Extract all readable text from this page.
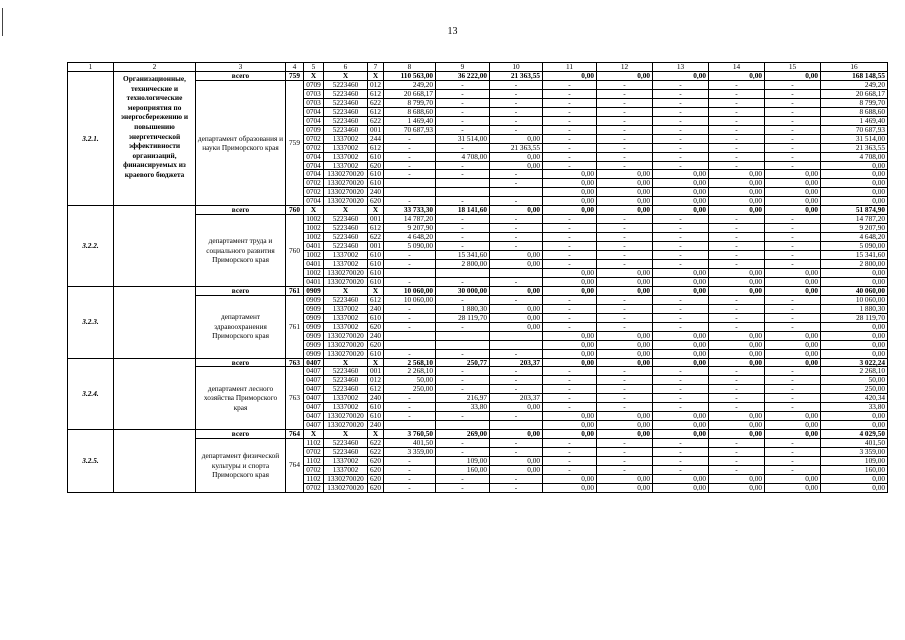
13
1	2	3	4	5	6	7	8	9	10	11	12	13	14	15	16
3.2.1.	Организационные, технические и технологические мероприятия по энергосбережению и повышению энергетической эффективности организаций, финансируемых из краевого бюджета	всего	759	X	X	X	110 563,00	36 222,00	21 363,55	0,00	0,00	0,00	0,00	0,00	168 148,55
		департамент образования и науки Приморского края	759	0709	5223460	012	249,20	-	-	-	-	-	-	-	249,20
				0703	5223460	612	20 668,17	-	-	-	-	-	-	-	20 668,17
				0703	5223460	622	8 799,70	-	-	-	-	-	-	-	8 799,70
				0704	5223460	612	8 688,60	-	-	-	-	-	-	-	8 688,60
				0704	5223460	622	1 469,40	-	-	-	-	-	-	-	1 469,40
				0709	5223460	001	70 687,93	-	-	-	-	-	-	-	70 687,93
				0702	1337002	244	-	31 514,00	0,00	-	-	-	-	-	31 514,00
				0702	1337002	612	-	-	21 363,55	-	-	-	-	-	21 363,55
				0704	1337002	610	-	4 708,00	0,00	-	-	-	-	-	4 708,00
				0704	1337002	620	-	-	0,00	-	-	-	-	-	0,00
				0704	1330270020	610	-	-	-	0,00	0,00	0,00	0,00	0,00	0,00
				0702	1330270020	610			-	0,00	0,00	0,00	0,00	0,00	0,00
				0702	1330270020	240				0,00	0,00	0,00	0,00	0,00	0,00
				0704	1330270020	620	-	-	-	0,00	0,00	0,00	0,00	0,00	0,00
3.2.2.		всего	760	X	X	X	33 733,30	18 141,60	0,00	0,00	0,00	0,00	0,00	0,00	51 874,90
		департамент труда и социального развития Приморского края	760	1002	5223460	001	14 787,20	-	-	-	-	-	-	-	14 787,20
				1002	5223460	612	9 207,90	-	-	-	-	-	-	-	9 207,90
				1002	5223460	622	4 648,20	-	-	-	-	-	-	-	4 648,20
				0401	5223460	001	5 090,00	-	-	-	-	-	-	-	5 090,00
				1002	1337002	610	-	15 341,60	0,00	-	-	-	-	-	15 341,60
				0401	1337002	610	-	2 800,00	0,00	-	-	-	-	-	2 800,00
				1002	1330270020	610				0,00	0,00	0,00	0,00	0,00	0,00
				0401	1330270020	610	-	-	-	0,00	0,00	0,00	0,00	0,00	0,00
3.2.3.		всего	761	0909	X	X	10 060,00	30 000,00	0,00	0,00	0,00	0,00	0,00	0,00	40 060,00
		департамент здравоохранения Приморского края	761	0909	5223460	612	10 060,00	-	-	-	-	-	-	-	10 060,00
				0909	1337002	240	-	1 880,30	0,00	-	-	-	-	-	1 880,30
				0909	1337002	610	-	28 119,70	0,00	-	-	-	-	-	28 119,70
				0909	1337002	620	-	-	0,00	-	-	-	-	-	0,00
				0909	1330270020	240				0,00	0,00	0,00	0,00	0,00	0,00
				0909	1330270020	620				0,00	0,00	0,00	0,00	0,00	0,00
				0909	1330270020	610	-	-	-	0,00	0,00	0,00	0,00	0,00	0,00
3.2.4.		всего	763	0407	X	X	2 568,10	250,77	203,37	0,00	0,00	0,00	0,00	0,00	3 022,24
		департамент лесного хозяйства Приморского края	763	0407	5223460	001	2 268,10	-	-	-	-	-	-	-	2 268,10
				0407	5223460	012	50,00	-	-	-	-	-	-	-	50,00
				0407	5223460	612	250,00	-	-	-	-	-	-	-	250,00
				0407	1337002	240	-	216,97	203,37	-	-	-	-	-	420,34
				0407	1337002	610	-	33,80	0,00	-	-	-	-	-	33,80
				0407	1330270020	610	-	-	-	0,00	0,00	0,00	0,00	0,00	0,00
				0407	1330270020	240				0,00	0,00	0,00	0,00	0,00	0,00
3.2.5.		всего	764	X	X	X	3 760,50	269,00	0,00	0,00	0,00	0,00	0,00	0,00	4 029,50
		департамент физической культуры и спорта Приморского края	764	1102	5223460	622	401,50	-	-	-	-	-	-	-	401,50
				0702	5223460	622	3 359,00	-	-	-	-	-	-	-	3 359,00
				1102	1337002	620	-	109,00	0,00	-	-	-	-	-	109,00
				0702	1337002	620	-	160,00	0,00	-	-	-	-	-	160,00
				1102	1330270020	620	-	-	-	0,00	0,00	0,00	0,00	0,00	0,00
				0702	1330270020	620	-	-	-	0,00	0,00	0,00	0,00	0,00	0,00
